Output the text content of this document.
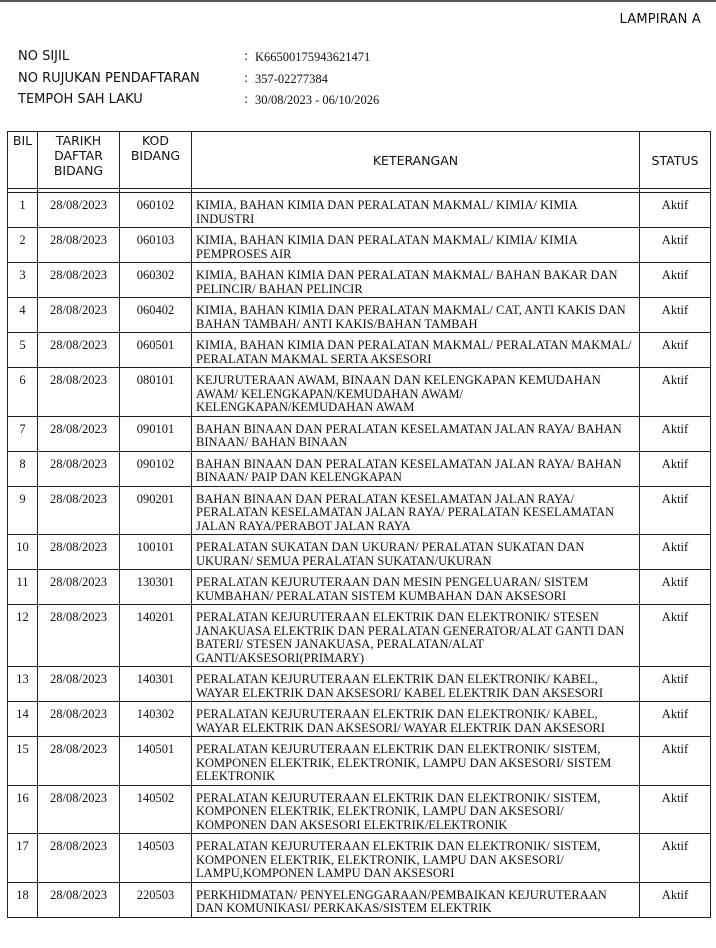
LAMPIRAN A
NO SIJIL	: K66500175943621471
NO RUJUKAN PENDAFTARAN	: 357-02277384
TEMPOH SAH LAKU	: 30/08/2023 - 06/10/2026
BIL	TARIKH DAFTAR BIDANG	KOD BIDANG	KETERANGAN	STATUS

1	28/08/2023	060102	KIMIA, BAHAN KIMIA DAN PERALATAN MAKMAL/ KIMIA/ KIMIA INDUSTRI	Aktif
2	28/08/2023	060103	KIMIA, BAHAN KIMIA DAN PERALATAN MAKMAL/ KIMIA/ KIMIA PEMPROSES AIR	Aktif
3	28/08/2023	060302	KIMIA, BAHAN KIMIA DAN PERALATAN MAKMAL/ BAHAN BAKAR DAN PELINCIR/ BAHAN PELINCIR	Aktif
4	28/08/2023	060402	KIMIA, BAHAN KIMIA DAN PERALATAN MAKMAL/ CAT, ANTI KAKIS DAN BAHAN TAMBAH/ ANTI KAKIS/BAHAN TAMBAH	Aktif
5	28/08/2023	060501	KIMIA, BAHAN KIMIA DAN PERALATAN MAKMAL/ PERALATAN MAKMAL/ PERALATAN MAKMAL SERTA AKSESORI	Aktif
6	28/08/2023	080101	KEJURUTERAAN AWAM, BINAAN DAN KELENGKAPAN KEMUDAHAN AWAM/ KELENGKAPAN/KEMUDAHAN AWAM/ KELENGKAPAN/KEMUDAHAN AWAM	Aktif
7	28/08/2023	090101	BAHAN BINAAN DAN PERALATAN KESELAMATAN JALAN RAYA/ BAHAN BINAAN/ BAHAN BINAAN	Aktif
8	28/08/2023	090102	BAHAN BINAAN DAN PERALATAN KESELAMATAN JALAN RAYA/ BAHAN BINAAN/ PAIP DAN KELENGKAPAN	Aktif
9	28/08/2023	090201	BAHAN BINAAN DAN PERALATAN KESELAMATAN JALAN RAYA/ PERALATAN KESELAMATAN JALAN RAYA/ PERALATAN KESELAMATAN JALAN RAYA/PERABOT JALAN RAYA	Aktif
10	28/08/2023	100101	PERALATAN SUKATAN DAN UKURAN/ PERALATAN SUKATAN DAN UKURAN/ SEMUA PERALATAN SUKATAN/UKURAN	Aktif
11	28/08/2023	130301	PERALATAN KEJURUTERAAN DAN MESIN PENGELUARAN/ SISTEM KUMBAHAN/ PERALATAN SISTEM KUMBAHAN DAN AKSESORI	Aktif
12	28/08/2023	140201	PERALATAN KEJURUTERAAN ELEKTRIK DAN ELEKTRONIK/ STESEN JANAKUASA ELEKTRIK DAN PERALATAN GENERATOR/ALAT GANTI DAN BATERI/ STESEN JANAKUASA, PERALATAN/ALAT GANTI/AKSESORI(PRIMARY)	Aktif
13	28/08/2023	140301	PERALATAN KEJURUTERAAN ELEKTRIK DAN ELEKTRONIK/ KABEL, WAYAR ELEKTRIK DAN AKSESORI/ KABEL ELEKTRIK DAN AKSESORI	Aktif
14	28/08/2023	140302	PERALATAN KEJURUTERAAN ELEKTRIK DAN ELEKTRONIK/ KABEL, WAYAR ELEKTRIK DAN AKSESORI/ WAYAR ELEKTRIK DAN AKSESORI	Aktif
15	28/08/2023	140501	PERALATAN KEJURUTERAAN ELEKTRIK DAN ELEKTRONIK/ SISTEM, KOMPONEN ELEKTRIK, ELEKTRONIK, LAMPU DAN AKSESORI/ SISTEM ELEKTRONIK	Aktif
16	28/08/2023	140502	PERALATAN KEJURUTERAAN ELEKTRIK DAN ELEKTRONIK/ SISTEM, KOMPONEN ELEKTRIK, ELEKTRONIK, LAMPU DAN AKSESORI/ KOMPONEN DAN AKSESORI ELEKTRIK/ELEKTRONIK	Aktif
17	28/08/2023	140503	PERALATAN KEJURUTERAAN ELEKTRIK DAN ELEKTRONIK/ SISTEM, KOMPONEN ELEKTRIK, ELEKTRONIK, LAMPU DAN AKSESORI/ LAMPU,KOMPONEN LAMPU DAN AKSESORI	Aktif
18	28/08/2023	220503	PERKHIDMATAN/ PENYELENGGARAAN/PEMBAIKAN KEJURUTERAAN DAN KOMUNIKASI/ PERKAKAS/SISTEM ELEKTRIK	Aktif
